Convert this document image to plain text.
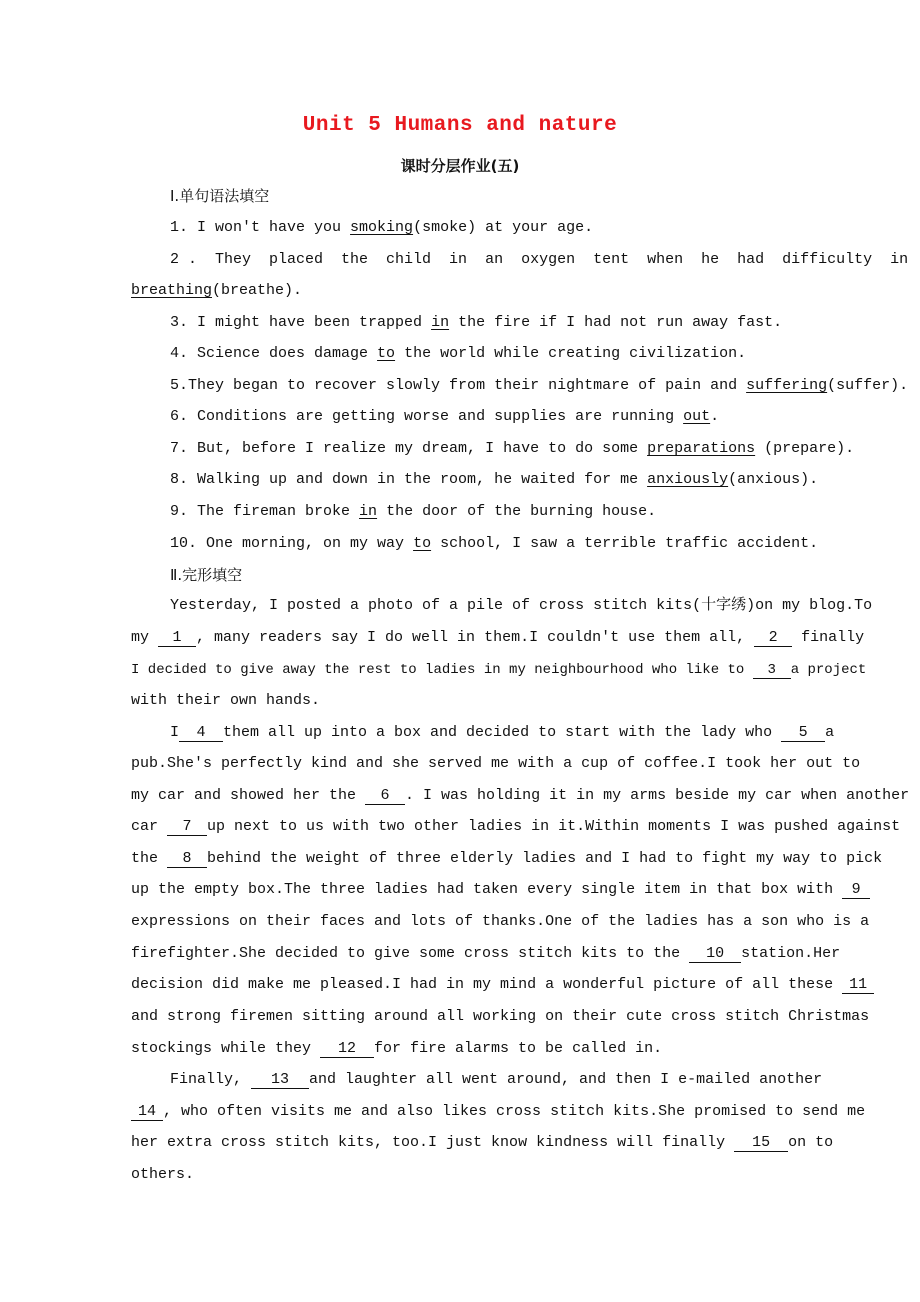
Unit 5 Humans and nature
课时分层作业(五)
Ⅰ.单句语法填空
1. I won't have you smoking(smoke) at your age.
2 .  They  placed  the  child  in  an  oxygen  tent  when  he  had  difficulty  in
breathing(breathe).
3. I might have been trapped in the fire if I had not run away fast.
4. Science does damage to the world while creating civilization.
5.They began to recover slowly from their nightmare of pain and suffering(suffer).
6. Conditions are getting worse and supplies are running out.
7. But, before I realize my dream, I have to do some preparations (prepare).
8. Walking up and down in the room, he waited for me anxiously(anxious).
9. The fireman broke in the door of the burning house.
10. One morning, on my way to school, I saw a terrible traffic accident.
Ⅱ.完形填空
Yesterday, I posted a photo of a pile of cross stitch kits(十字绣)on my blog.To
my 1 , many readers say I do well in them.I couldn't use them all, 2 finally
I decided to give away the rest to ladies in my neighbourhood who like to 3 a project
with their own hands.
I 4 them all up into a box and decided to start with the lady who 5 a
pub.She's perfectly kind and she served me with a cup of coffee.I took her out to
my car and showed her the 6 . I was holding it in my arms beside my car when another
car 7 up next to us with two other ladies in it.Within moments I was pushed against
the 8 behind the weight of three elderly ladies and I had to fight my way to pick
up the empty box.The three ladies had taken every single item in that box with 9
expressions on their faces and lots of thanks.One of the ladies has a son who is a
firefighter.She decided to give some cross stitch kits to the 10 station.Her
decision did make me pleased.I had in my mind a wonderful picture of all these 11
and strong firemen sitting around all working on their cute cross stitch Christmas
stockings while they 12 for fire alarms to be called in.
Finally, 13 and laughter all went around, and then I e-mailed another
14 , who often visits me and also likes cross stitch kits.She promised to send me
her extra cross stitch kits, too.I just know kindness will finally 15 on to
others.
